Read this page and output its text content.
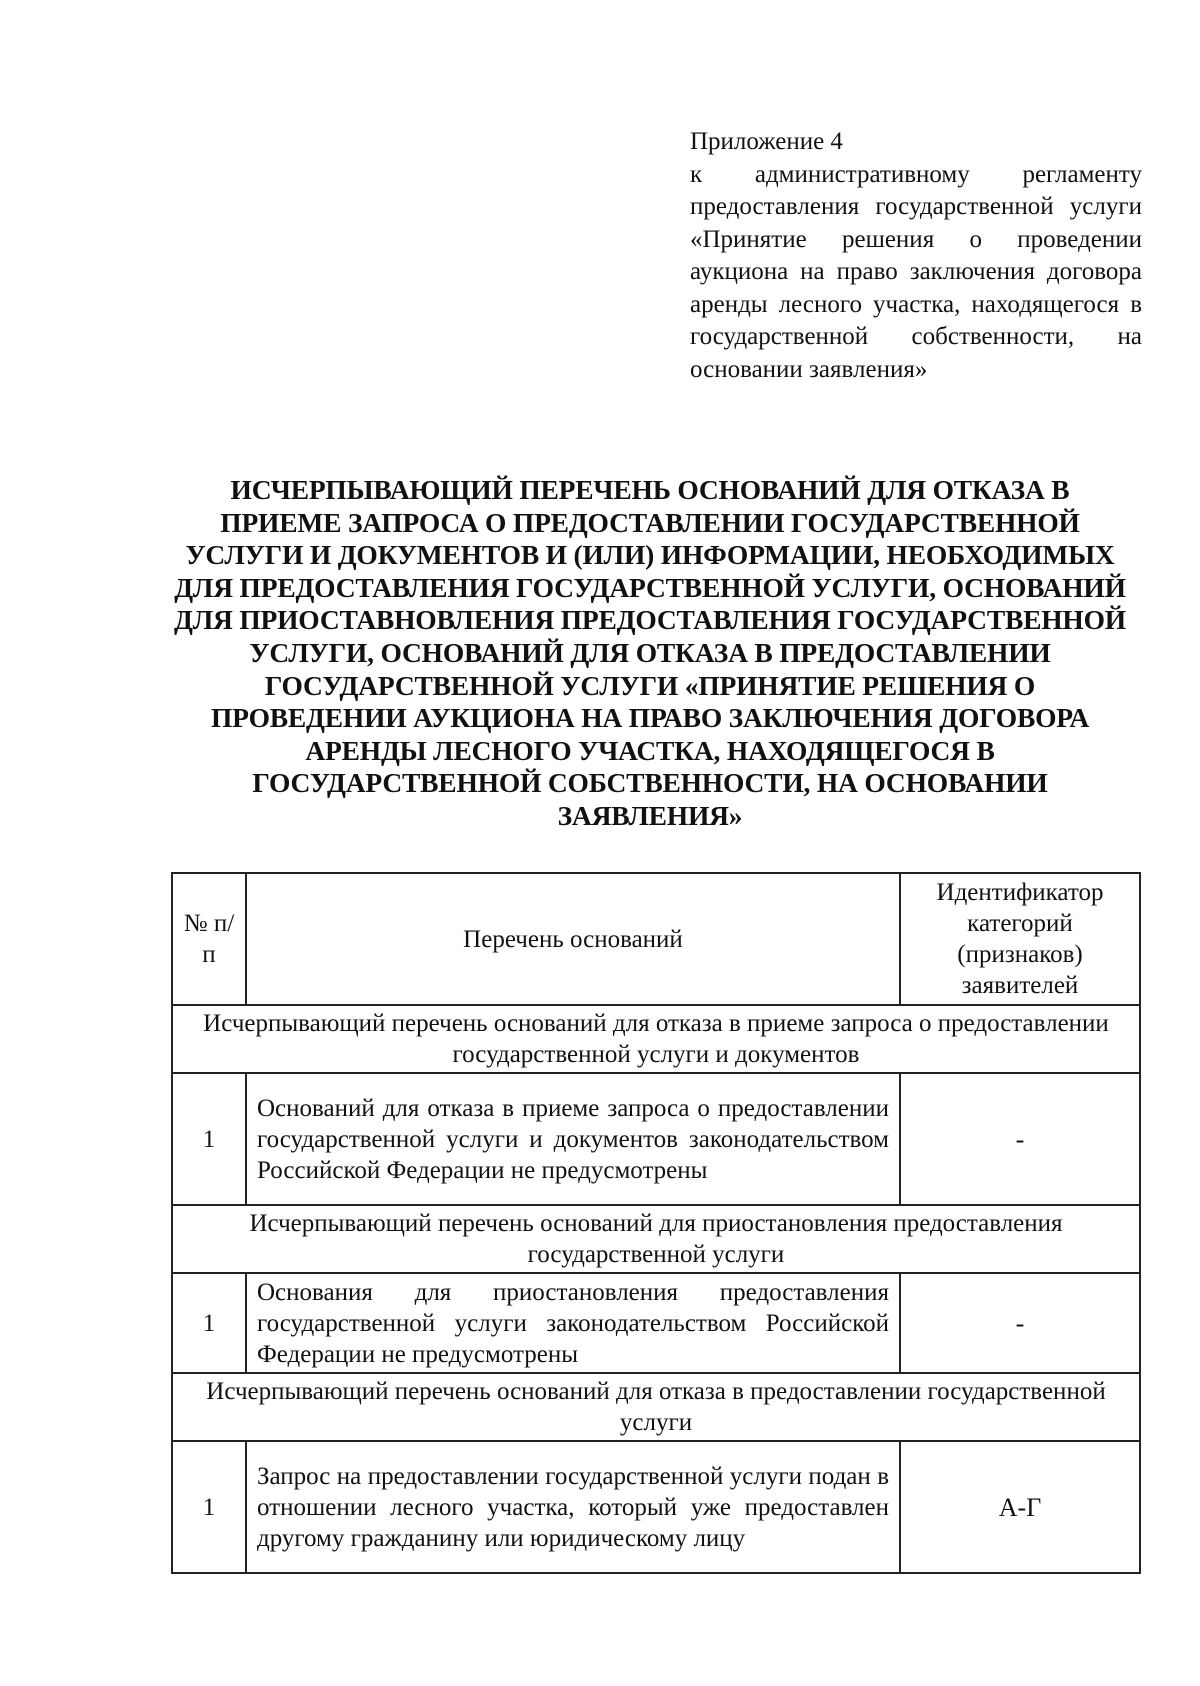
Приложение 4
к административному регламенту предоставления государственной услуги «Принятие решения о проведении аукциона на право заключения договора аренды лесного участка, находящегося в государственной собственности, на основании заявления»
ИСЧЕРПЫВАЮЩИЙ ПЕРЕЧЕНЬ ОСНОВАНИЙ ДЛЯ ОТКАЗА В ПРИЕМЕ ЗАПРОСА О ПРЕДОСТАВЛЕНИИ ГОСУДАРСТВЕННОЙ УСЛУГИ И ДОКУМЕНТОВ И (ИЛИ) ИНФОРМАЦИИ, НЕОБХОДИМЫХ ДЛЯ ПРЕДОСТАВЛЕНИЯ ГОСУДАРСТВЕННОЙ УСЛУГИ, ОСНОВАНИЙ ДЛЯ ПРИОСТАВНОВЛЕНИЯ ПРЕДОСТАВЛЕНИЯ ГОСУДАРСТВЕННОЙ УСЛУГИ, ОСНОВАНИЙ ДЛЯ ОТКАЗА В ПРЕДОСТАВЛЕНИИ ГОСУДАРСТВЕННОЙ УСЛУГИ «ПРИНЯТИЕ РЕШЕНИЯ О ПРОВЕДЕНИИ АУКЦИОНА НА ПРАВО ЗАКЛЮЧЕНИЯ ДОГОВОРА АРЕНДЫ ЛЕСНОГО УЧАСТКА, НАХОДЯЩЕГОСЯ В ГОСУДАРСТВЕННОЙ СОБСТВЕННОСТИ, НА ОСНОВАНИИ ЗАЯВЛЕНИЯ»
№ п/п	Перечень оснований	Идентификатор категорий (признаков) заявителей
Исчерпывающий перечень оснований для отказа в приеме запроса о предоставлении государственной услуги и документов		
1	Оснований для отказа в приеме запроса о предоставлении государственной услуги и документов законодательством Российской Федерации не предусмотрены	-
Исчерпывающий перечень оснований для приостановления предоставления государственной услуги		
1	Основания для приостановления предоставления государственной услуги законодательством Российской Федерации не предусмотрены	-
Исчерпывающий перечень оснований для отказа в предоставлении государственной услуги		
1	Запрос на предоставлении государственной услуги подан в отношении лесного участка, который уже предоставлен другому гражданину или юридическому лицу	А-Г
